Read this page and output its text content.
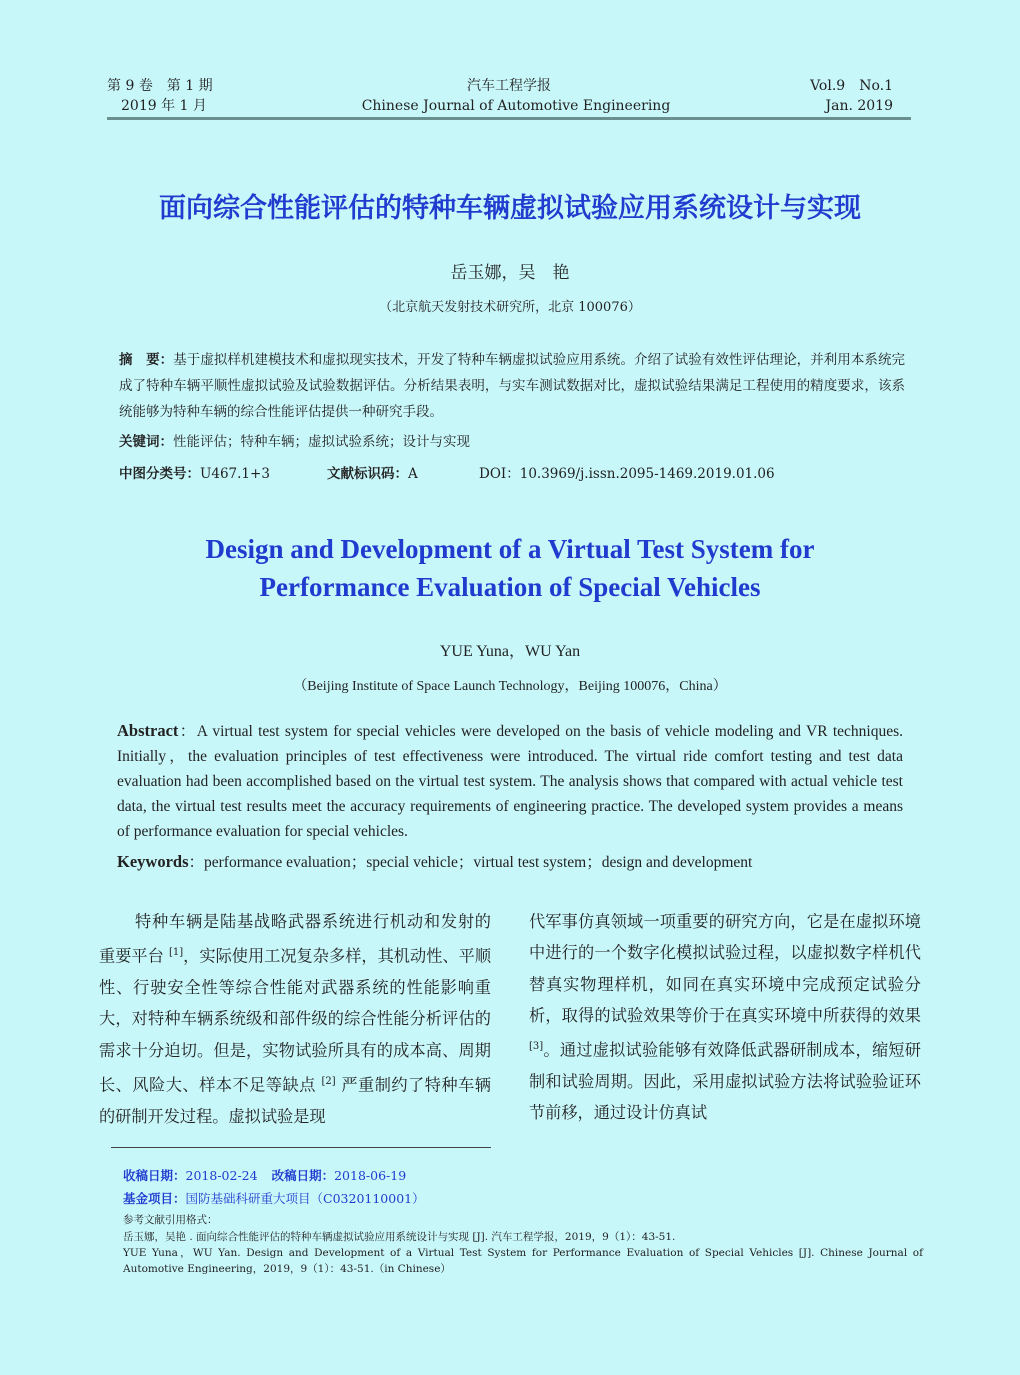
第 9 卷　第 1 期	汽车工程学报	Vol.9　No.1
2019 年 1 月	Chinese Journal of Automotive Engineering	Jan. 2019
面向综合性能评估的特种车辆虚拟试验应用系统设计与实现
岳玉娜，吴　艳
（北京航天发射技术研究所，北京 100076）
摘　要：基于虚拟样机建模技术和虚拟现实技术，开发了特种车辆虚拟试验应用系统。介绍了试验有效性评估理论，并利用本系统完成了特种车辆平顺性虚拟试验及试验数据评估。分析结果表明，与实车测试数据对比，虚拟试验结果满足工程使用的精度要求，该系统能够为特种车辆的综合性能评估提供一种研究手段。
关键词：性能评估；特种车辆；虚拟试验系统；设计与实现
中图分类号：U467.1+3	文献标识码：A	DOI：10.3969/j.issn.2095-1469.2019.01.06
Design and Development of a Virtual Test System for
Performance Evaluation of Special Vehicles
YUE Yuna，WU Yan
（Beijing Institute of Space Launch Technology，Beijing 100076，China）
Abstract：A virtual test system for special vehicles were developed on the basis of vehicle modeling and VR techniques. Initially，the evaluation principles of test effectiveness were introduced. The virtual ride comfort testing and test data evaluation had been accomplished based on the virtual test system. The analysis shows that compared with actual vehicle test data, the virtual test results meet the accuracy requirements of engineering practice. The developed system provides a means of performance evaluation for special vehicles.
Keywords：performance evaluation；special vehicle；virtual test system；design and development
特种车辆是陆基战略武器系统进行机动和发射的重要平台 [1]，实际使用工况复杂多样，其机动性、平顺性、行驶安全性等综合性能对武器系统的性能影响重大，对特种车辆系统级和部件级的综合性能分析评估的需求十分迫切。但是，实物试验所具有的成本高、周期长、风险大、样本不足等缺点 [2] 严重制约了特种车辆的研制开发过程。虚拟试验是现
代军事仿真领域一项重要的研究方向，它是在虚拟环境中进行的一个数字化模拟试验过程，以虚拟数字样机代替真实物理样机，如同在真实环境中完成预定试验分析，取得的试验效果等价于在真实环境中所获得的效果 [3]。通过虚拟试验能够有效降低武器研制成本，缩短研制和试验周期。因此，采用虚拟试验方法将试验验证环节前移，通过设计仿真试
收稿日期：2018-02-24 改稿日期：2018-06-19
基金项目：国防基础科研重大项目（C0320110001）
参考文献引用格式：
岳玉娜，吴艳 . 面向综合性能评估的特种车辆虚拟试验应用系统设计与实现 [J]. 汽车工程学报，2019，9（1）：43-51.
YUE Yuna，WU Yan. Design and Development of a Virtual Test System for Performance Evaluation of Special Vehicles [J]. Chinese Journal of Automotive Engineering，2019，9（1）：43-51.（in Chinese）
